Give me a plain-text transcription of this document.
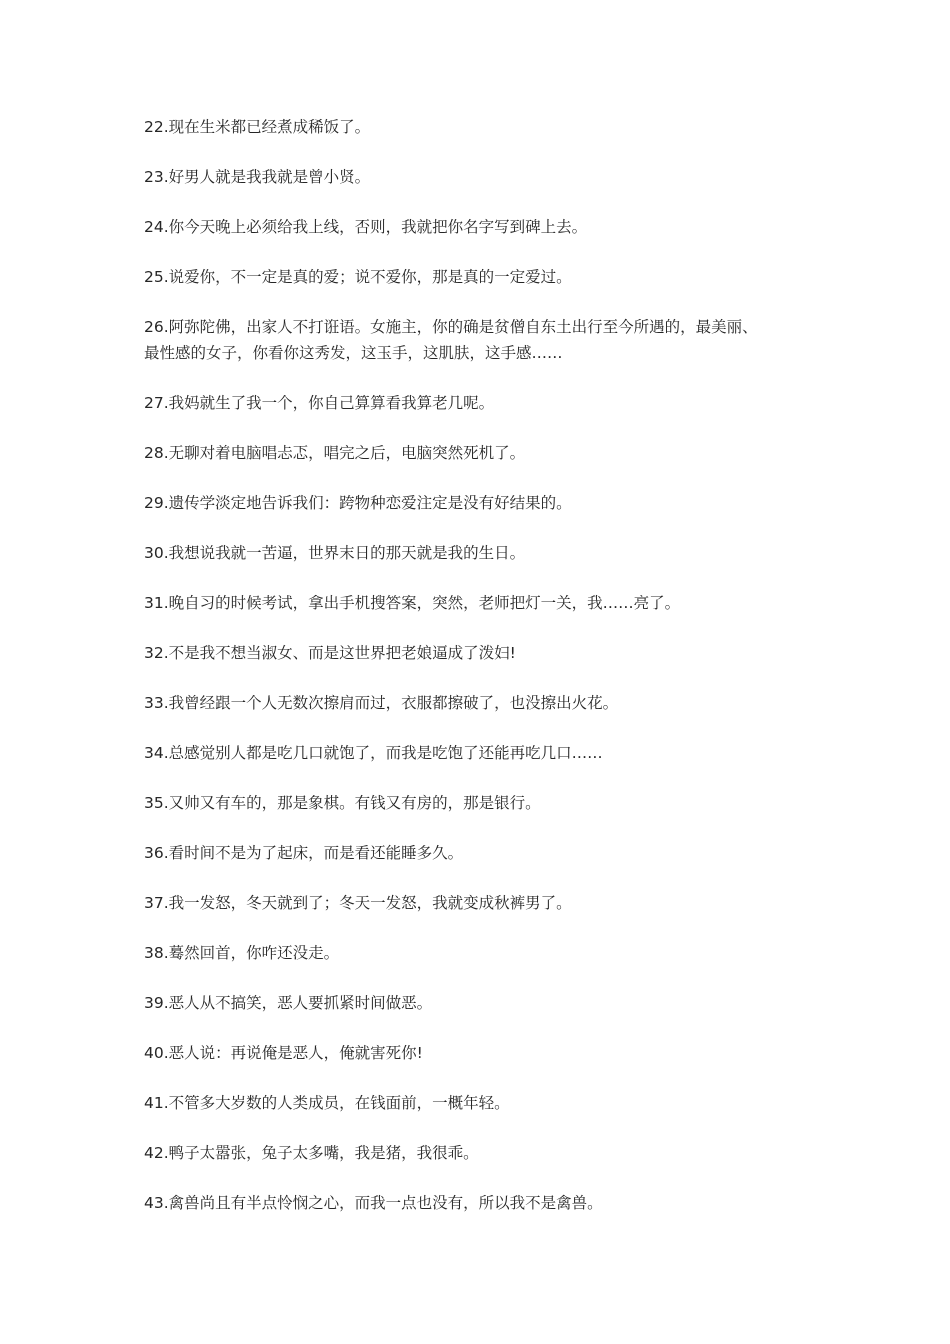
22.现在生米都已经煮成稀饭了。
23.好男人就是我我就是曾小贤。
24.你今天晚上必须给我上线，否则，我就把你名字写到碑上去。
25.说爱你，不一定是真的爱；说不爱你，那是真的一定爱过。
26.阿弥陀佛，出家人不打诳语。女施主，你的确是贫僧自东土出行至今所遇的，最美丽、
最性感的女子，你看你这秀发，这玉手，这肌肤，这手感……
27.我妈就生了我一个，你自己算算看我算老几呢。
28.无聊对着电脑唱忐忑，唱完之后，电脑突然死机了。
29.遗传学淡定地告诉我们：跨物种恋爱注定是没有好结果的。
30.我想说我就一苦逼，世界末日的那天就是我的生日。
31.晚自习的时候考试，拿出手机搜答案，突然，老师把灯一关，我……亮了。
32.不是我不想当淑女、而是这世界把老娘逼成了泼妇!
33.我曾经跟一个人无数次擦肩而过，衣服都擦破了，也没擦出火花。
34.总感觉别人都是吃几口就饱了，而我是吃饱了还能再吃几口……
35.又帅又有车的，那是象棋。有钱又有房的，那是银行。
36.看时间不是为了起床，而是看还能睡多久。
37.我一发怒，冬天就到了；冬天一发怒，我就变成秋裤男了。
38.蓦然回首，你咋还没走。
39.恶人从不搞笑，恶人要抓紧时间做恶。
40.恶人说：再说俺是恶人，俺就害死你!
41.不管多大岁数的人类成员，在钱面前，一概年轻。
42.鸭子太嚣张，兔子太多嘴，我是猪，我很乖。
43.禽兽尚且有半点怜悯之心，而我一点也没有，所以我不是禽兽。
